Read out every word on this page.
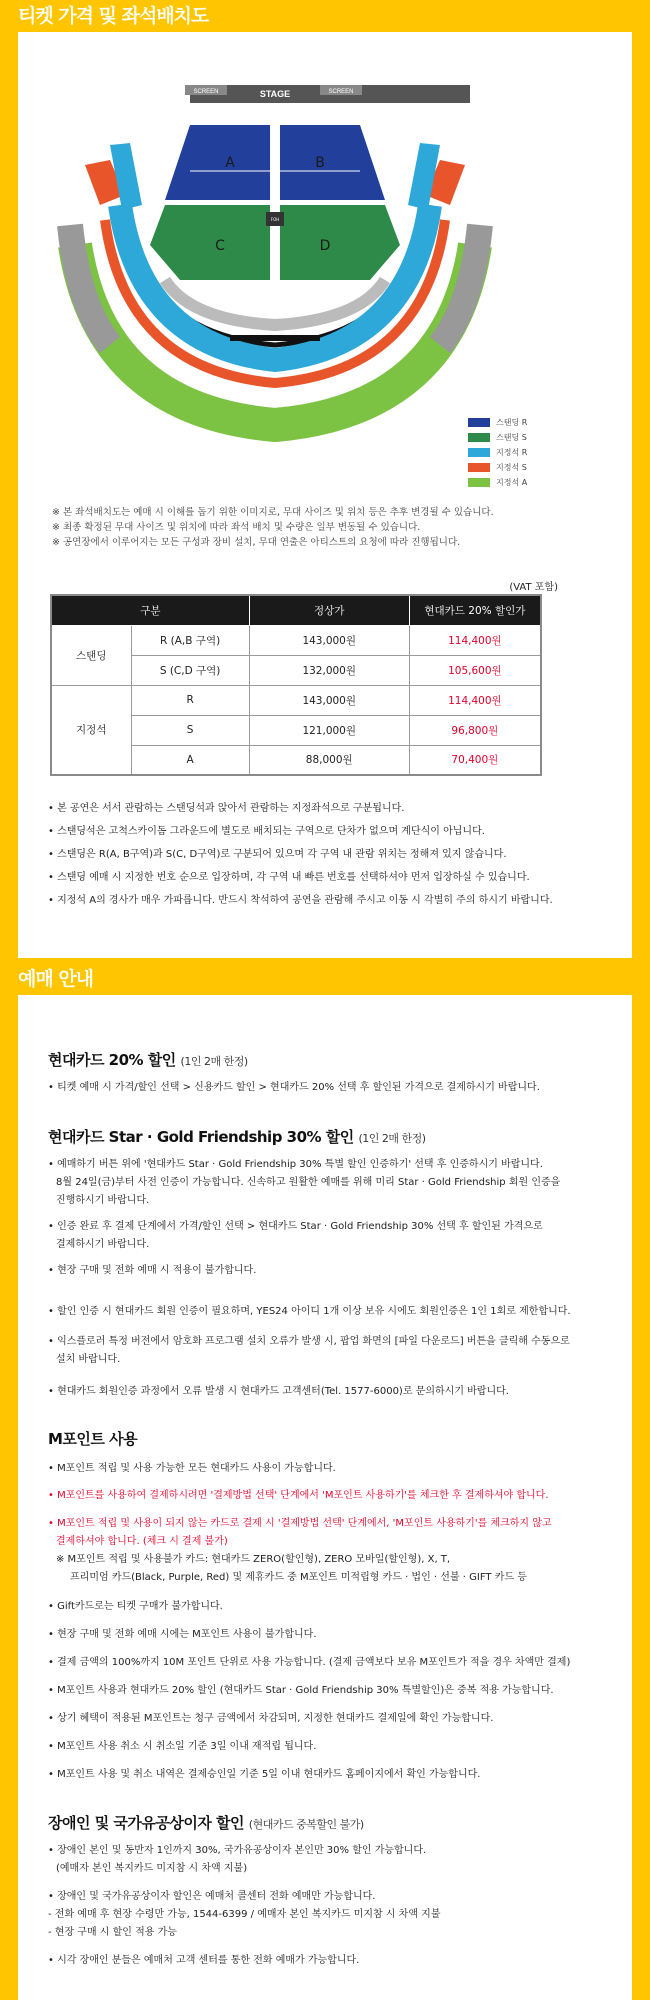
티켓 가격 및 좌석배치도
SCREEN	SCREEN
STAGE
A	B
C	D
FOH
스탠딩 R
스탠딩 S
지정석 R
지정석 S
지정석 A
※ 본 좌석배치도는 예매 시 이해를 돕기 위한 이미지로, 무대 사이즈 및 위치 등은 추후 변경될 수 있습니다.
※ 최종 확정된 무대 사이즈 및 위치에 따라 좌석 배치 및 수량은 일부 변동될 수 있습니다.
※ 공연장에서 이루어지는 모든 구성과 장비 설치, 무대 연출은 아티스트의 요청에 따라 진행됩니다.
(VAT 포함)
구분		정상가	현대카드 20% 할인가
스탠딩	R (A,B 구역)	143,000원	114,400원
	S (C,D 구역)	132,000원	105,600원
지정석	R	143,000원	114,400원
	S	121,000원	96,800원
	A	88,000원	70,400원
• 본 공연은 서서 관람하는 스탠딩석과 앉아서 관람하는 지정좌석으로 구분됩니다.
• 스탠딩석은 고척스카이돔 그라운드에 별도로 배치되는 구역으로 단차가 없으며 계단식이 아닙니다.
• 스탠딩은 R(A, B구역)과 S(C, D구역)로 구분되어 있으며 각 구역 내 관람 위치는 정해져 있지 않습니다.
• 스탠딩 예매 시 지정한 번호 순으로 입장하며, 각 구역 내 빠른 번호를 선택하셔야 먼저 입장하실 수 있습니다.
• 지정석 A의 경사가 매우 가파릅니다. 반드시 착석하여 공연을 관람해 주시고 이동 시 각별히 주의 하시기 바랍니다.
예매 안내
현대카드 20% 할인 (1인 2매 한정)
• 티켓 예매 시 가격/할인 선택 > 신용카드 할인 > 현대카드 20% 선택 후 할인된 가격으로 결제하시기 바랍니다.
현대카드 Star · Gold Friendship 30% 할인 (1인 2매 한정)
• 예매하기 버튼 위에 '현대카드 Star · Gold Friendship 30% 특별 할인 인증하기' 선택 후 인증하시기 바랍니다.
8월 24일(금)부터 사전 인증이 가능합니다. 신속하고 원활한 예매를 위해 미리 Star · Gold Friendship 회원 인증을
진행하시기 바랍니다.
• 인증 완료 후 결제 단계에서 가격/할인 선택 > 현대카드 Star · Gold Friendship 30% 선택 후 할인된 가격으로
결제하시기 바랍니다.
• 현장 구매 및 전화 예매 시 적용이 불가합니다.
• 할인 인증 시 현대카드 회원 인증이 필요하며, YES24 아이디 1개 이상 보유 시에도 회원인증은 1인 1회로 제한합니다.
• 익스플로러 특정 버전에서 암호화 프로그램 설치 오류가 발생 시, 팝업 화면의 [파일 다운로드] 버튼을 클릭해 수동으로
설치 바랍니다.
• 현대카드 회원인증 과정에서 오류 발생 시 현대카드 고객센터(Tel. 1577-6000)로 문의하시기 바랍니다.
M포인트 사용
• M포인트 적립 및 사용 가능한 모든 현대카드 사용이 가능합니다.
• M포인트를 사용하여 결제하시려면 '결제방법 선택' 단계에서 'M포인트 사용하기'를 체크한 후 결제하셔야 합니다.
• M포인트 적립 및 사용이 되지 않는 카드로 결제 시 '결제방법 선택' 단계에서, 'M포인트 사용하기'를 체크하지 않고
결제하셔야 합니다. (체크 시 결제 불가)
※ M포인트 적립 및 사용불가 카드: 현대카드 ZERO(할인형), ZERO 모바일(할인형), X, T,
프리미엄 카드(Black, Purple, Red) 및 제휴카드 중 M포인트 미적립형 카드 · 법인 · 선불 · GIFT 카드 등
• Gift카드로는 티켓 구매가 불가합니다.
• 현장 구매 및 전화 예매 시에는 M포인트 사용이 불가합니다.
• 결제 금액의 100%까지 10M 포인트 단위로 사용 가능합니다. (결제 금액보다 보유 M포인트가 적을 경우 차액만 결제)
• M포인트 사용과 현대카드 20% 할인 (현대카드 Star · Gold Friendship 30% 특별할인)은 중복 적용 가능합니다.
• 상기 혜택이 적용된 M포인트는 청구 금액에서 차감되며, 지정한 현대카드 결제일에 확인 가능합니다.
• M포인트 사용 취소 시 취소일 기준 3일 이내 재적립 됩니다.
• M포인트 사용 및 취소 내역은 결제승인일 기준 5일 이내 현대카드 홈페이지에서 확인 가능합니다.
장애인 및 국가유공상이자 할인 (현대카드 중복할인 불가)
• 장애인 본인 및 동반자 1인까지 30%, 국가유공상이자 본인만 30% 할인 가능합니다.
(예매자 본인 복지카드 미지참 시 차액 지불)
• 장애인 및 국가유공상이자 할인은 예매처 콜센터 전화 예매만 가능합니다.
- 전화 예매 후 현장 수령만 가능, 1544-6399 / 예매자 본인 복지카드 미지참 시 차액 지불
- 현장 구매 시 할인 적용 가능
• 시각 장애인 분들은 예매처 고객 센터를 통한 전화 예매가 가능합니다.
